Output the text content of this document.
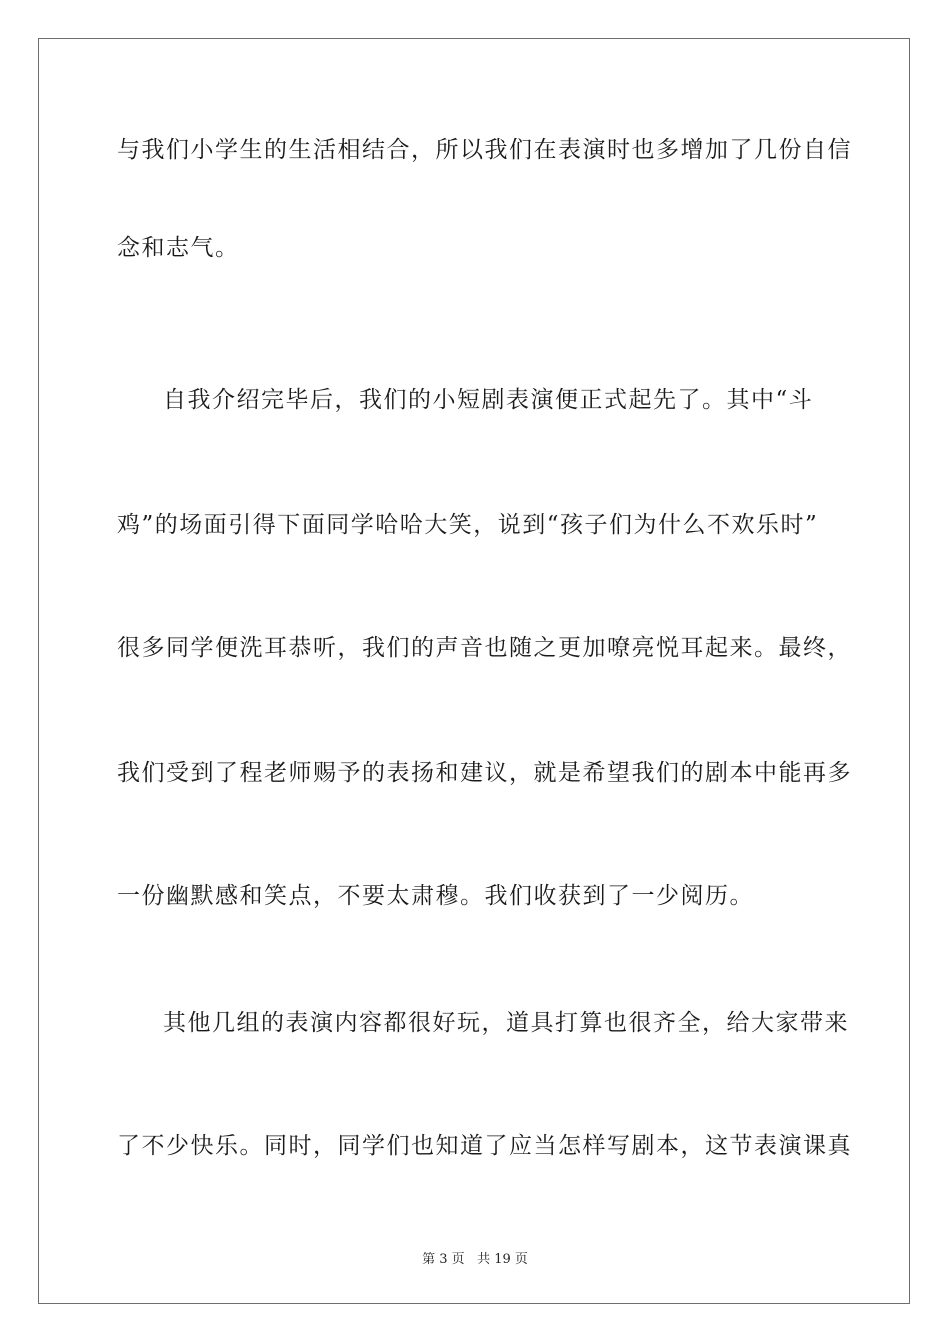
与我们小学生的生活相结合，所以我们在表演时也多增加了几份自信

念和志气。

自我介绍完毕后，我们的小短剧表演便正式起先了。其中“斗

鸡”的场面引得下面同学哈哈大笑，说到“孩子们为什么不欢乐时”

很多同学便洗耳恭听，我们的声音也随之更加嘹亮悦耳起来。最终，

我们受到了程老师赐予的表扬和建议，就是希望我们的剧本中能再多

一份幽默感和笑点，不要太肃穆。我们收获到了一少阅历。

其他几组的表演内容都很好玩，道具打算也很齐全，给大家带来

了不少快乐。同时，同学们也知道了应当怎样写剧本，这节表演课真

第 3 页 共 19 页
